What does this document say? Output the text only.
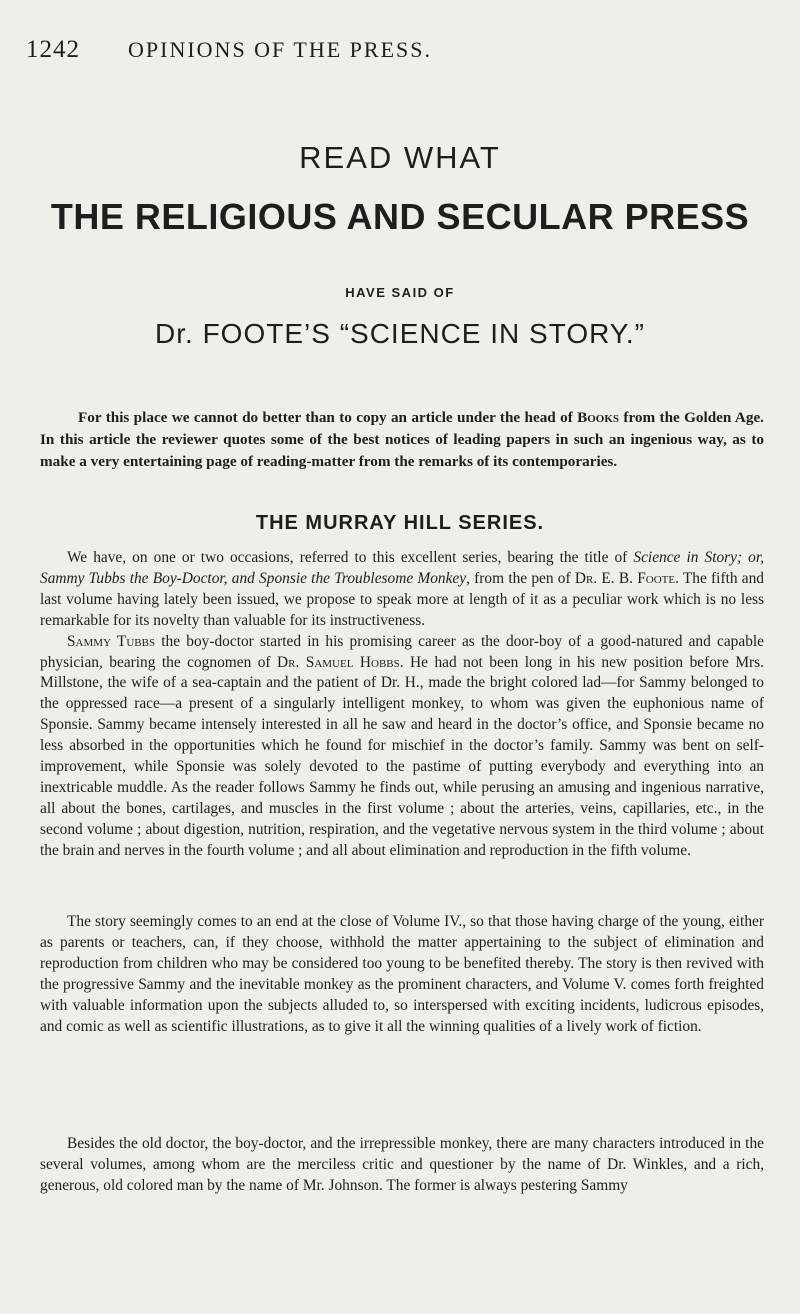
1242 OPINIONS OF THE PRESS.
READ WHAT
THE RELIGIOUS AND SECULAR PRESS
HAVE SAID OF
Dr. FOOTE’S “SCIENCE IN STORY.”

For this place we cannot do better than to copy an article under the head of Books from the Golden Age. In this article the reviewer quotes some of the best notices of leading papers in such an ingenious way, as to make a very entertaining page of reading-matter from the remarks of its contemporaries.

THE MURRAY HILL SERIES.

We have, on one or two occasions, referred to this excellent series, bearing the title of Science in Story; or, Sammy Tubbs the Boy-Doctor, and Sponsie the Troublesome Monkey, from the pen of Dr. E. B. Foote. The fifth and last volume having lately been issued, we propose to speak more at length of it as a peculiar work which is no less remarkable for its novelty than valuable for its instructiveness.

Sammy Tubbs the boy-doctor started in his promising career as the door-boy of a good-natured and capable physician, bearing the cognomen of Dr. Samuel Hobbs. He had not been long in his new position before Mrs. Millstone, the wife of a sea-captain and the patient of Dr. H., made the bright colored lad—for Sammy belonged to the oppressed race—a present of a singularly intelligent monkey, to whom was given the euphonious name of Sponsie. Sammy became intensely interested in all he saw and heard in the doctor’s office, and Sponsie became no less absorbed in the opportunities which he found for mischief in the doctor’s family. Sammy was bent on self-improvement, while Sponsie was solely devoted to the pastime of putting everybody and everything into an inextricable muddle. As the reader follows Sammy he finds out, while perusing an amusing and ingenious narrative, all about the bones, cartilages, and muscles in the first volume ; about the arteries, veins, capillaries, etc., in the second volume ; about digestion, nutrition, respiration, and the vegetative nervous system in the third volume ; about the brain and nerves in the fourth volume ; and all about elimination and reproduction in the fifth volume.

The story seemingly comes to an end at the close of Volume IV., so that those having charge of the young, either as parents or teachers, can, if they choose, withhold the matter appertaining to the subject of elimination and reproduction from children who may be considered too young to be benefited thereby. The story is then revived with the progressive Sammy and the inevitable monkey as the prominent characters, and Volume V. comes forth freighted with valuable information upon the subjects alluded to, so interspersed with exciting incidents, ludicrous episodes, and comic as well as scientific illustrations, as to give it all the winning qualities of a lively work of fiction.

Besides the old doctor, the boy-doctor, and the irrepressible monkey, there are many characters introduced in the several volumes, among whom are the merciless critic and questioner by the name of Dr. Winkles, and a rich, generous, old colored man by the name of Mr. Johnson. The former is always pestering Sammy
